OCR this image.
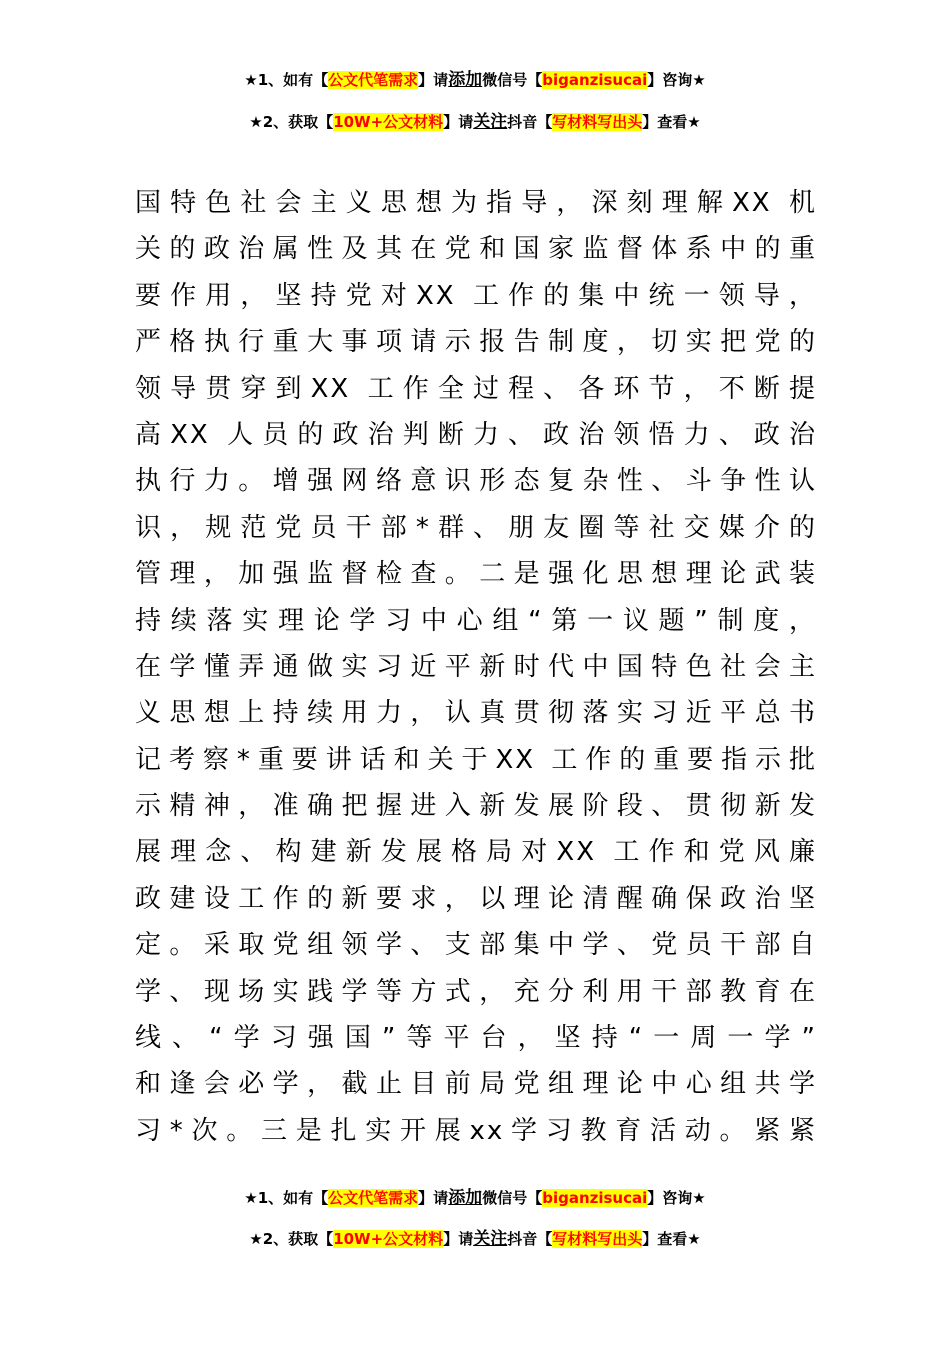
★1、如有【公文代笔需求】请添加微信号【biganzisucai】咨询★
★2、获取【10W+公文材料】请关注抖音【写材料写出头】查看★
国特色社会主义思想为指导，深刻理解XX 机
关的政治属性及其在党和国家监督体系中的重
要作用，坚持党对XX 工作的集中统一领导，
严格执行重大事项请示报告制度，切实把党的
领导贯穿到XX 工作全过程、各环节，不断提
高XX 人员的政治判断力、政治领悟力、政治
执行力。增强网络意识形态复杂性、斗争性认
识，规范党员干部*群、朋友圈等社交媒介的
管理，加强监督检查。二是强化思想理论武装
持续落实理论学习中心组“第一议题”制度，
在学懂弄通做实习近平新时代中国特色社会主
义思想上持续用力，认真贯彻落实习近平总书
记考察*重要讲话和关于XX 工作的重要指示批
示精神，准确把握进入新发展阶段、贯彻新发
展理念、构建新发展格局对XX 工作和党风廉
政建设工作的新要求，以理论清醒确保政治坚
定。采取党组领学、支部集中学、党员干部自
学、现场实践学等方式，充分利用干部教育在
线、“学习强国”等平台，坚持“一周一学”
和逢会必学，截止目前局党组理论中心组共学
习*次。三是扎实开展xx学习教育活动。紧紧
★1、如有【公文代笔需求】请添加微信号【biganzisucai】咨询★
★2、获取【10W+公文材料】请关注抖音【写材料写出头】查看★
